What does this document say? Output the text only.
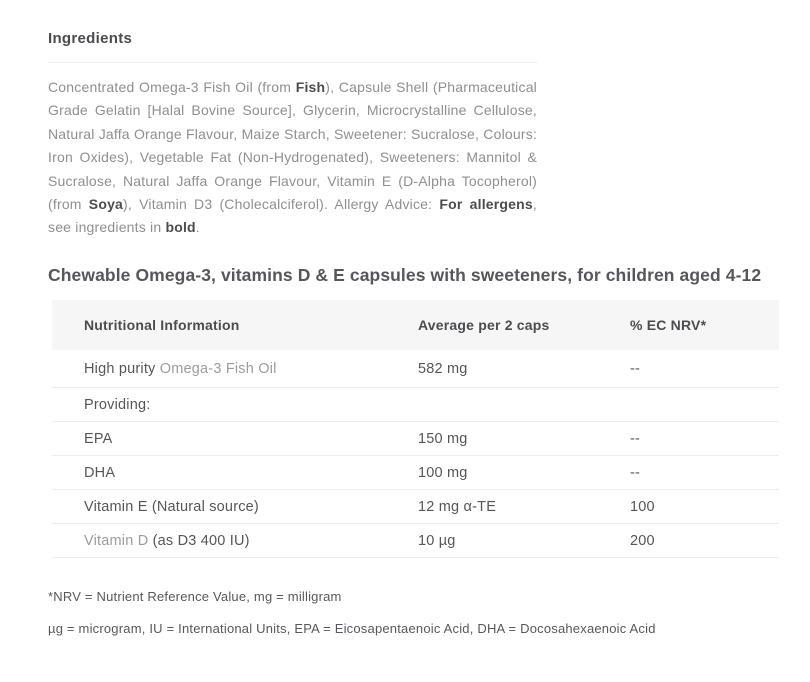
Ingredients

Concentrated Omega-3 Fish Oil (from Fish), Capsule Shell (Pharmaceutical Grade Gelatin [Halal Bovine Source], Glycerin, Microcrystalline Cellulose, Natural Jaffa Orange Flavour, Maize Starch, Sweetener: Sucralose, Colours: Iron Oxides), Vegetable Fat (Non-Hydrogenated), Sweeteners: Mannitol & Sucralose, Natural Jaffa Orange Flavour, Vitamin E (D-Alpha Tocopherol) (from Soya), Vitamin D3 (Cholecalciferol). Allergy Advice: For allergens, see ingredients in bold.

Chewable Omega-3, vitamins D & E capsules with sweeteners, for children aged 4-12
Nutritional Information	Average per 2 caps	% EC NRV*
High purity Omega-3 Fish Oil	582 mg	--
Providing:
EPA	150 mg	--
DHA	100 mg	--
Vitamin E (Natural source)	12 mg α-TE	100
Vitamin D (as D3 400 IU)	10 µg	200

*NRV = Nutrient Reference Value, mg = milligram

µg = microgram, IU = International Units, EPA = Eicosapentaenoic Acid, DHA = Docosahexaenoic Acid
